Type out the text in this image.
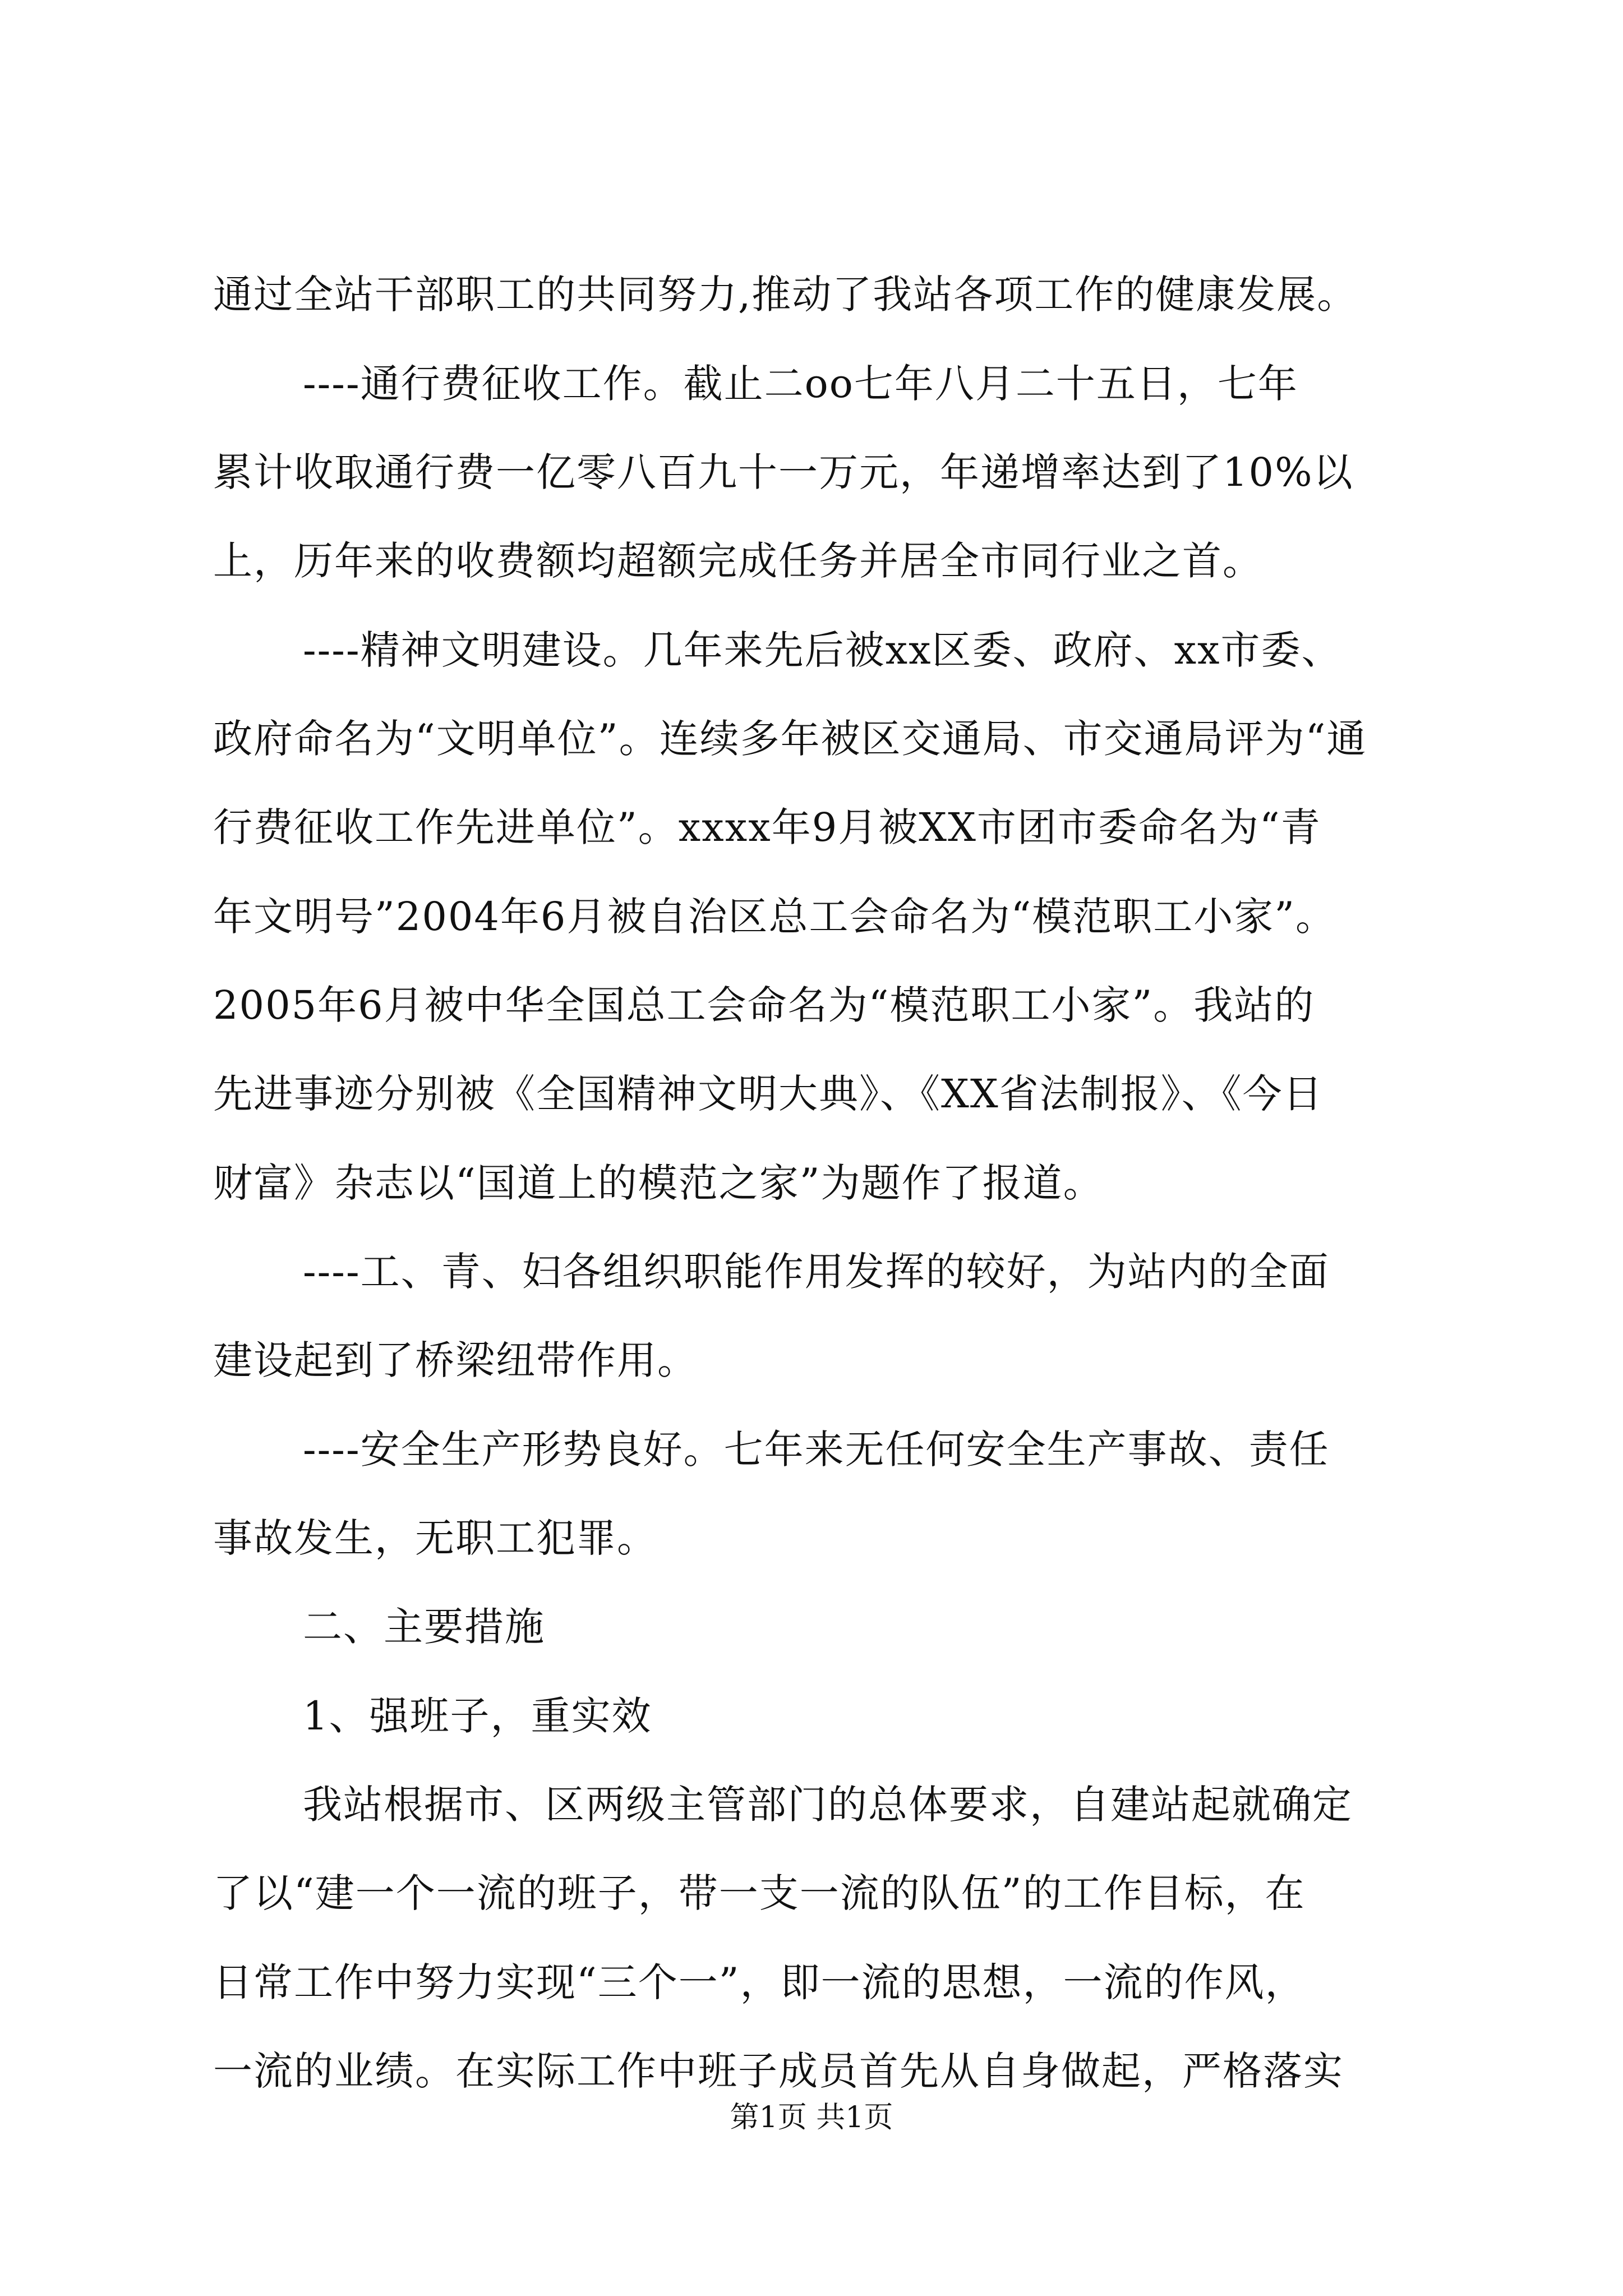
通过全站干部职工的共同努力,推动了我站各项工作的健康发展。
----通行费征收工作。截止二oo七年八月二十五日，七年
累计收取通行费一亿零八百九十一万元，年递增率达到了10%以
上，历年来的收费额均超额完成任务并居全市同行业之首。
----精神文明建设。几年来先后被xx区委、政府、xx市委、
政府命名为“文明单位”。连续多年被区交通局、市交通局评为“通
行费征收工作先进单位”。xxxx年9月被XX市团市委命名为“青
年文明号”2004年6月被自治区总工会命名为“模范职工小家”。
2005年6月被中华全国总工会命名为“模范职工小家”。我站的
先进事迹分别被《全国精神文明大典》、《XX省法制报》、《今日
财富》杂志以“国道上的模范之家”为题作了报道。
----工、青、妇各组织职能作用发挥的较好，为站内的全面
建设起到了桥梁纽带作用。
----安全生产形势良好。七年来无任何安全生产事故、责任
事故发生，无职工犯罪。
二、主要措施
1、强班子，重实效
我站根据市、区两级主管部门的总体要求，自建站起就确定
了以“建一个一流的班子，带一支一流的队伍”的工作目标，在
日常工作中努力实现“三个一”，即一流的思想，一流的作风，
一流的业绩。在实际工作中班子成员首先从自身做起，严格落实
第1页 共1页
